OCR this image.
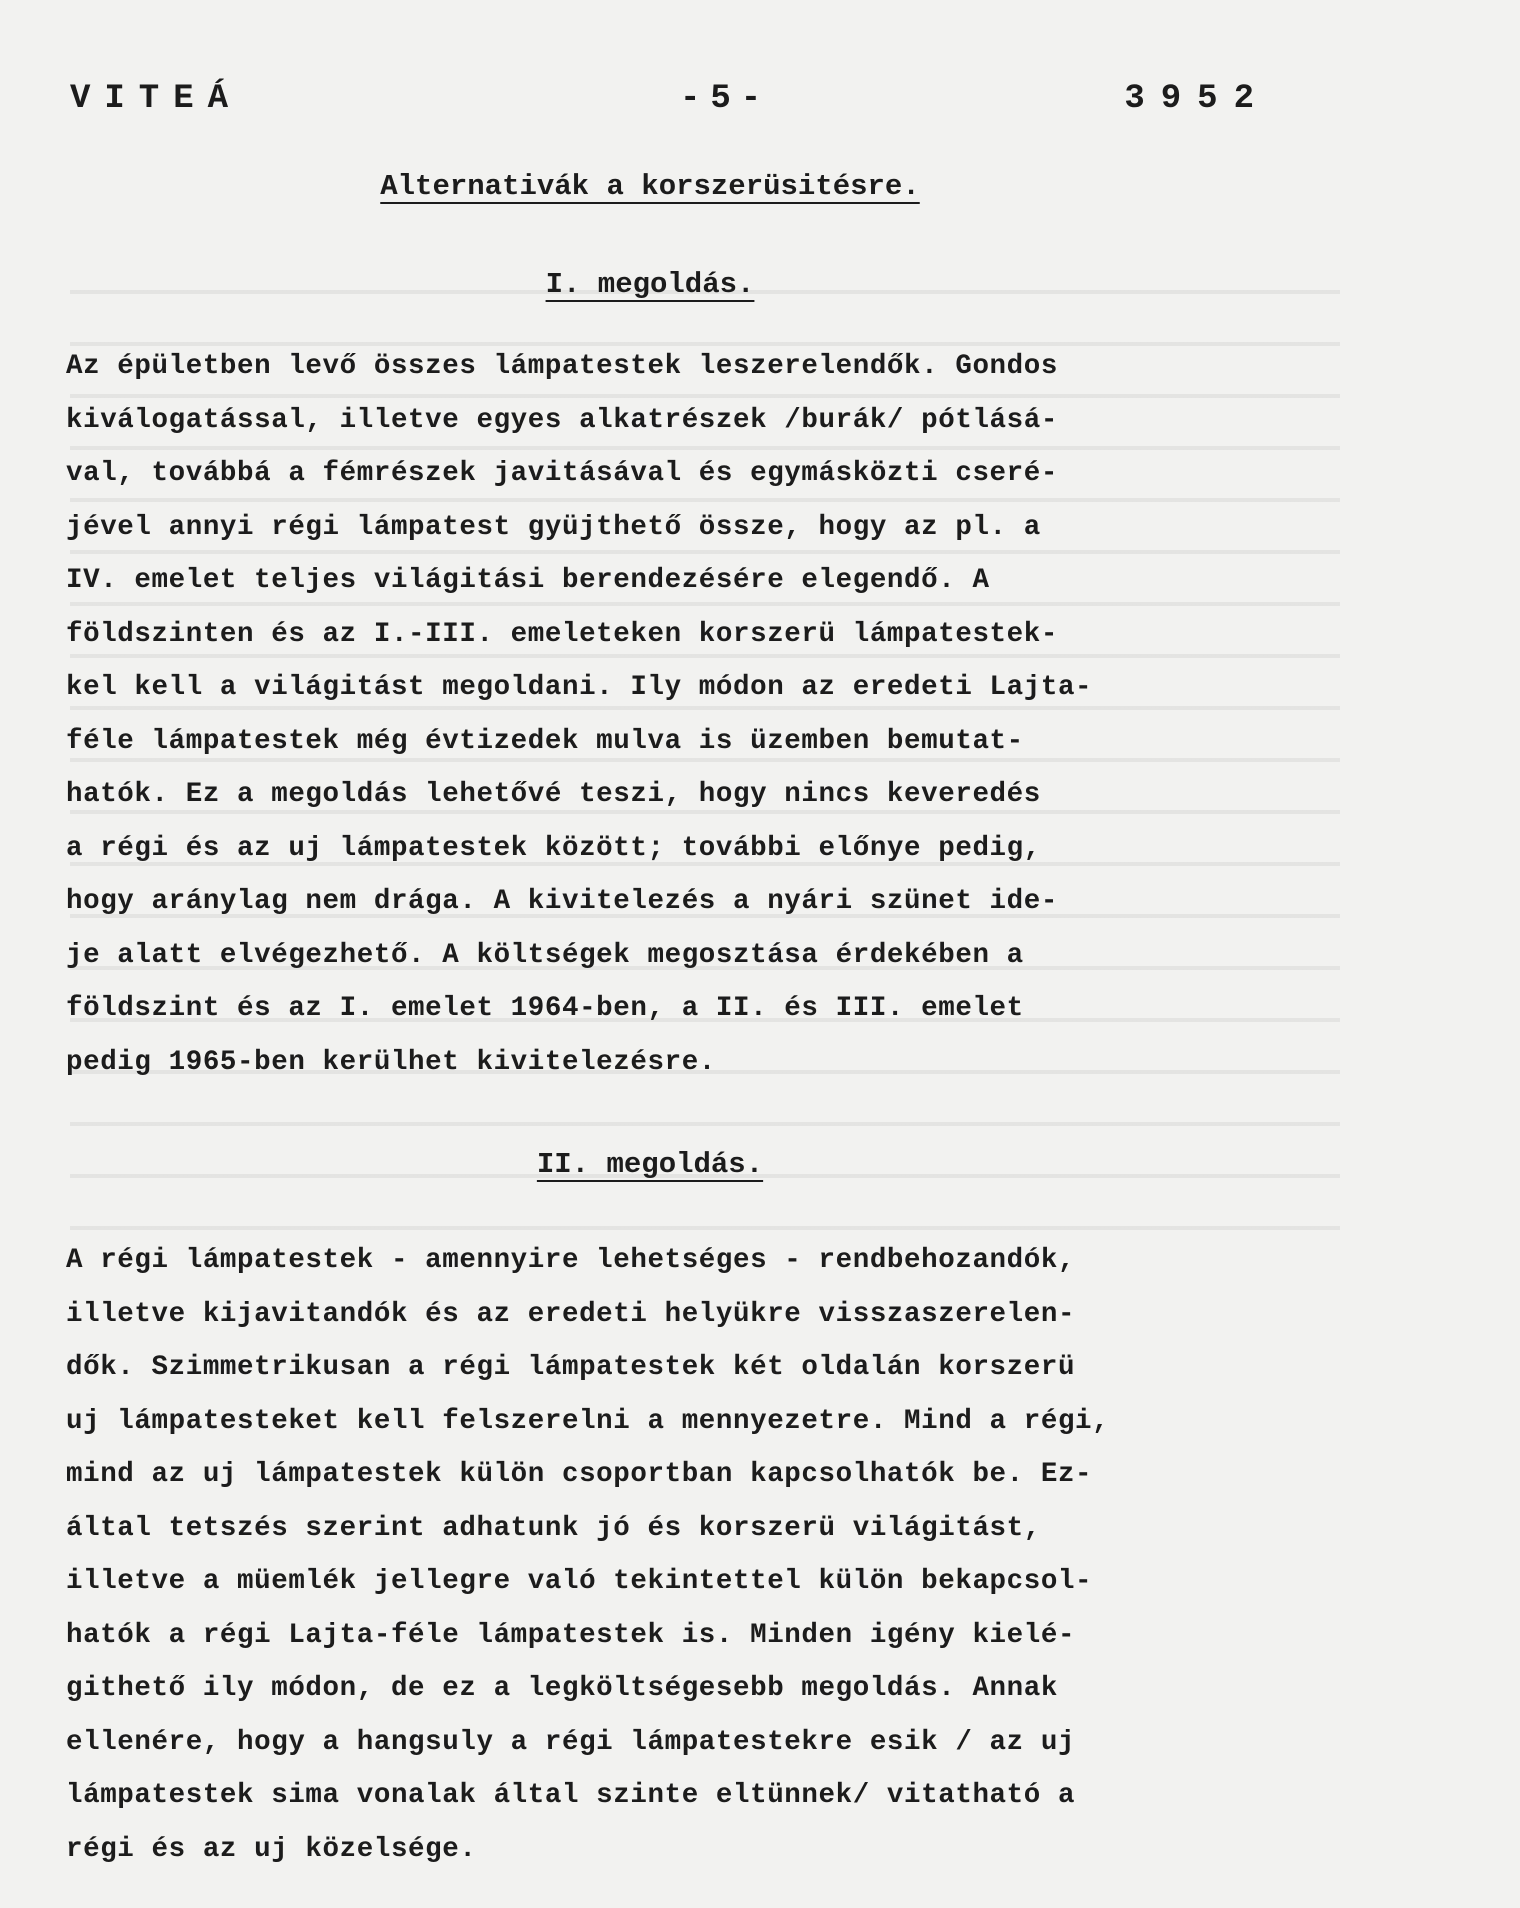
VITEÁ	-5-	3952
Alternativák a korszerüsitésre.
I. megoldás.
Az épületben levő összes lámpatestek leszerelendők. Gondos
kiválogatással, illetve egyes alkatrészek /burák/ pótlásá-
val, továbbá a fémrészek javitásával és egymásközti cseré-
jével annyi régi lámpatest gyüjthető össze, hogy az pl. a
IV. emelet teljes világitási berendezésére elegendő. A
földszinten és az I.-III. emeleteken korszerü lámpatestek-
kel kell a világitást megoldani. Ily módon az eredeti Lajta-
féle lámpatestek még évtizedek mulva is üzemben bemutat-
hatók. Ez a megoldás lehetővé teszi, hogy nincs keveredés
a régi és az uj lámpatestek között; további előnye pedig,
hogy aránylag nem drága. A kivitelezés a nyári szünet ide-
je alatt elvégezhető. A költségek megosztása érdekében a
földszint és az I. emelet 1964-ben, a II. és III. emelet
pedig 1965-ben kerülhet kivitelezésre.
II. megoldás.
A régi lámpatestek - amennyire lehetséges - rendbehozandók,
illetve kijavitandók és az eredeti helyükre visszaszerelen-
dők. Szimmetrikusan a régi lámpatestek két oldalán korszerü
uj lámpatesteket kell felszerelni a mennyezetre. Mind a régi,
mind az uj lámpatestek külön csoportban kapcsolhatók be. Ez-
által tetszés szerint adhatunk jó és korszerü világitást,
illetve a müemlék jellegre való tekintettel külön bekapcsol-
hatók a régi Lajta-féle lámpatestek is. Minden igény kielé-
githető ily módon, de ez a legköltségesebb megoldás. Annak
ellenére, hogy a hangsuly a régi lámpatestekre esik / az uj
lámpatestek sima vonalak által szinte eltünnek/ vitatható a
régi és az uj közelsége.
